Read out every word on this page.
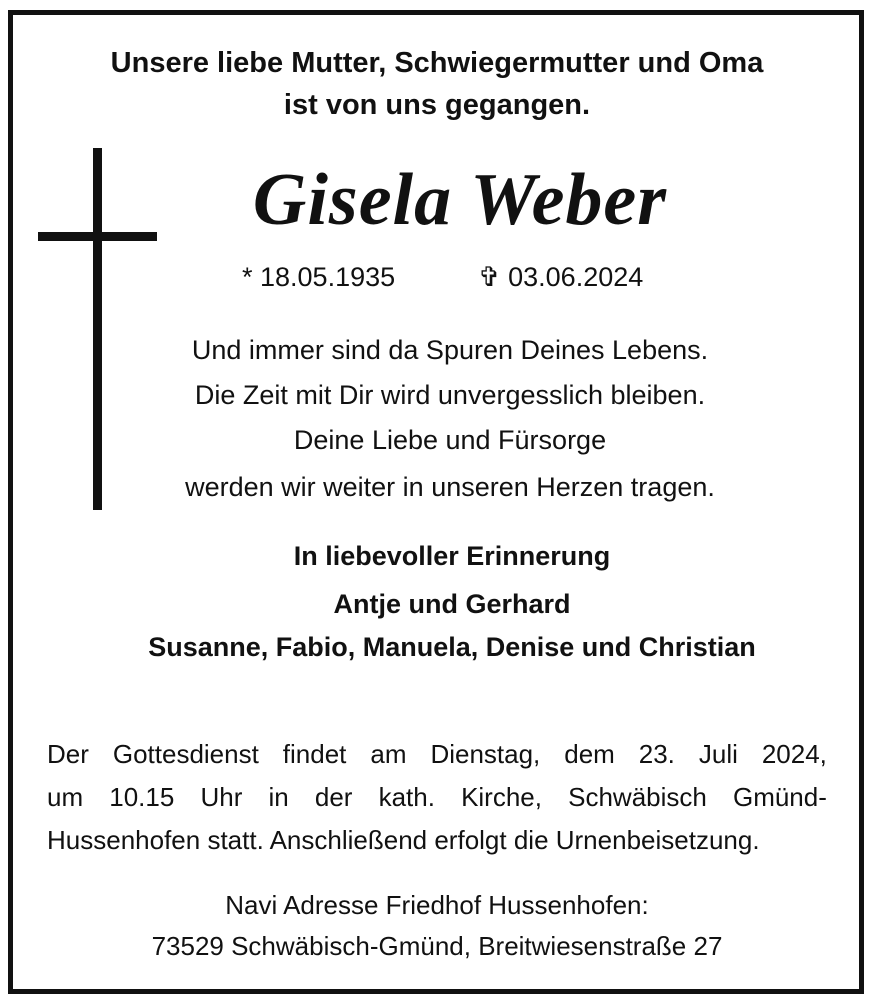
Unsere liebe Mutter, Schwiegermutter und Oma
ist von uns gegangen.
Gisela Weber
* 18.05.1935	✞ 03.06.2024
Und immer sind da Spuren Deines Lebens.
Die Zeit mit Dir wird unvergesslich bleiben.
Deine Liebe und Fürsorge
werden wir weiter in unseren Herzen tragen.
In liebevoller Erinnerung
Antje und Gerhard
Susanne, Fabio, Manuela, Denise und Christian
Der Gottesdienst findet am Dienstag, dem 23. Juli 2024,
um 10.15 Uhr in der kath. Kirche, Schwäbisch Gmünd-
Hussenhofen statt. Anschließend erfolgt die Urnenbeisetzung.
Navi Adresse Friedhof Hussenhofen:
73529 Schwäbisch-Gmünd, Breitwiesenstraße 27
